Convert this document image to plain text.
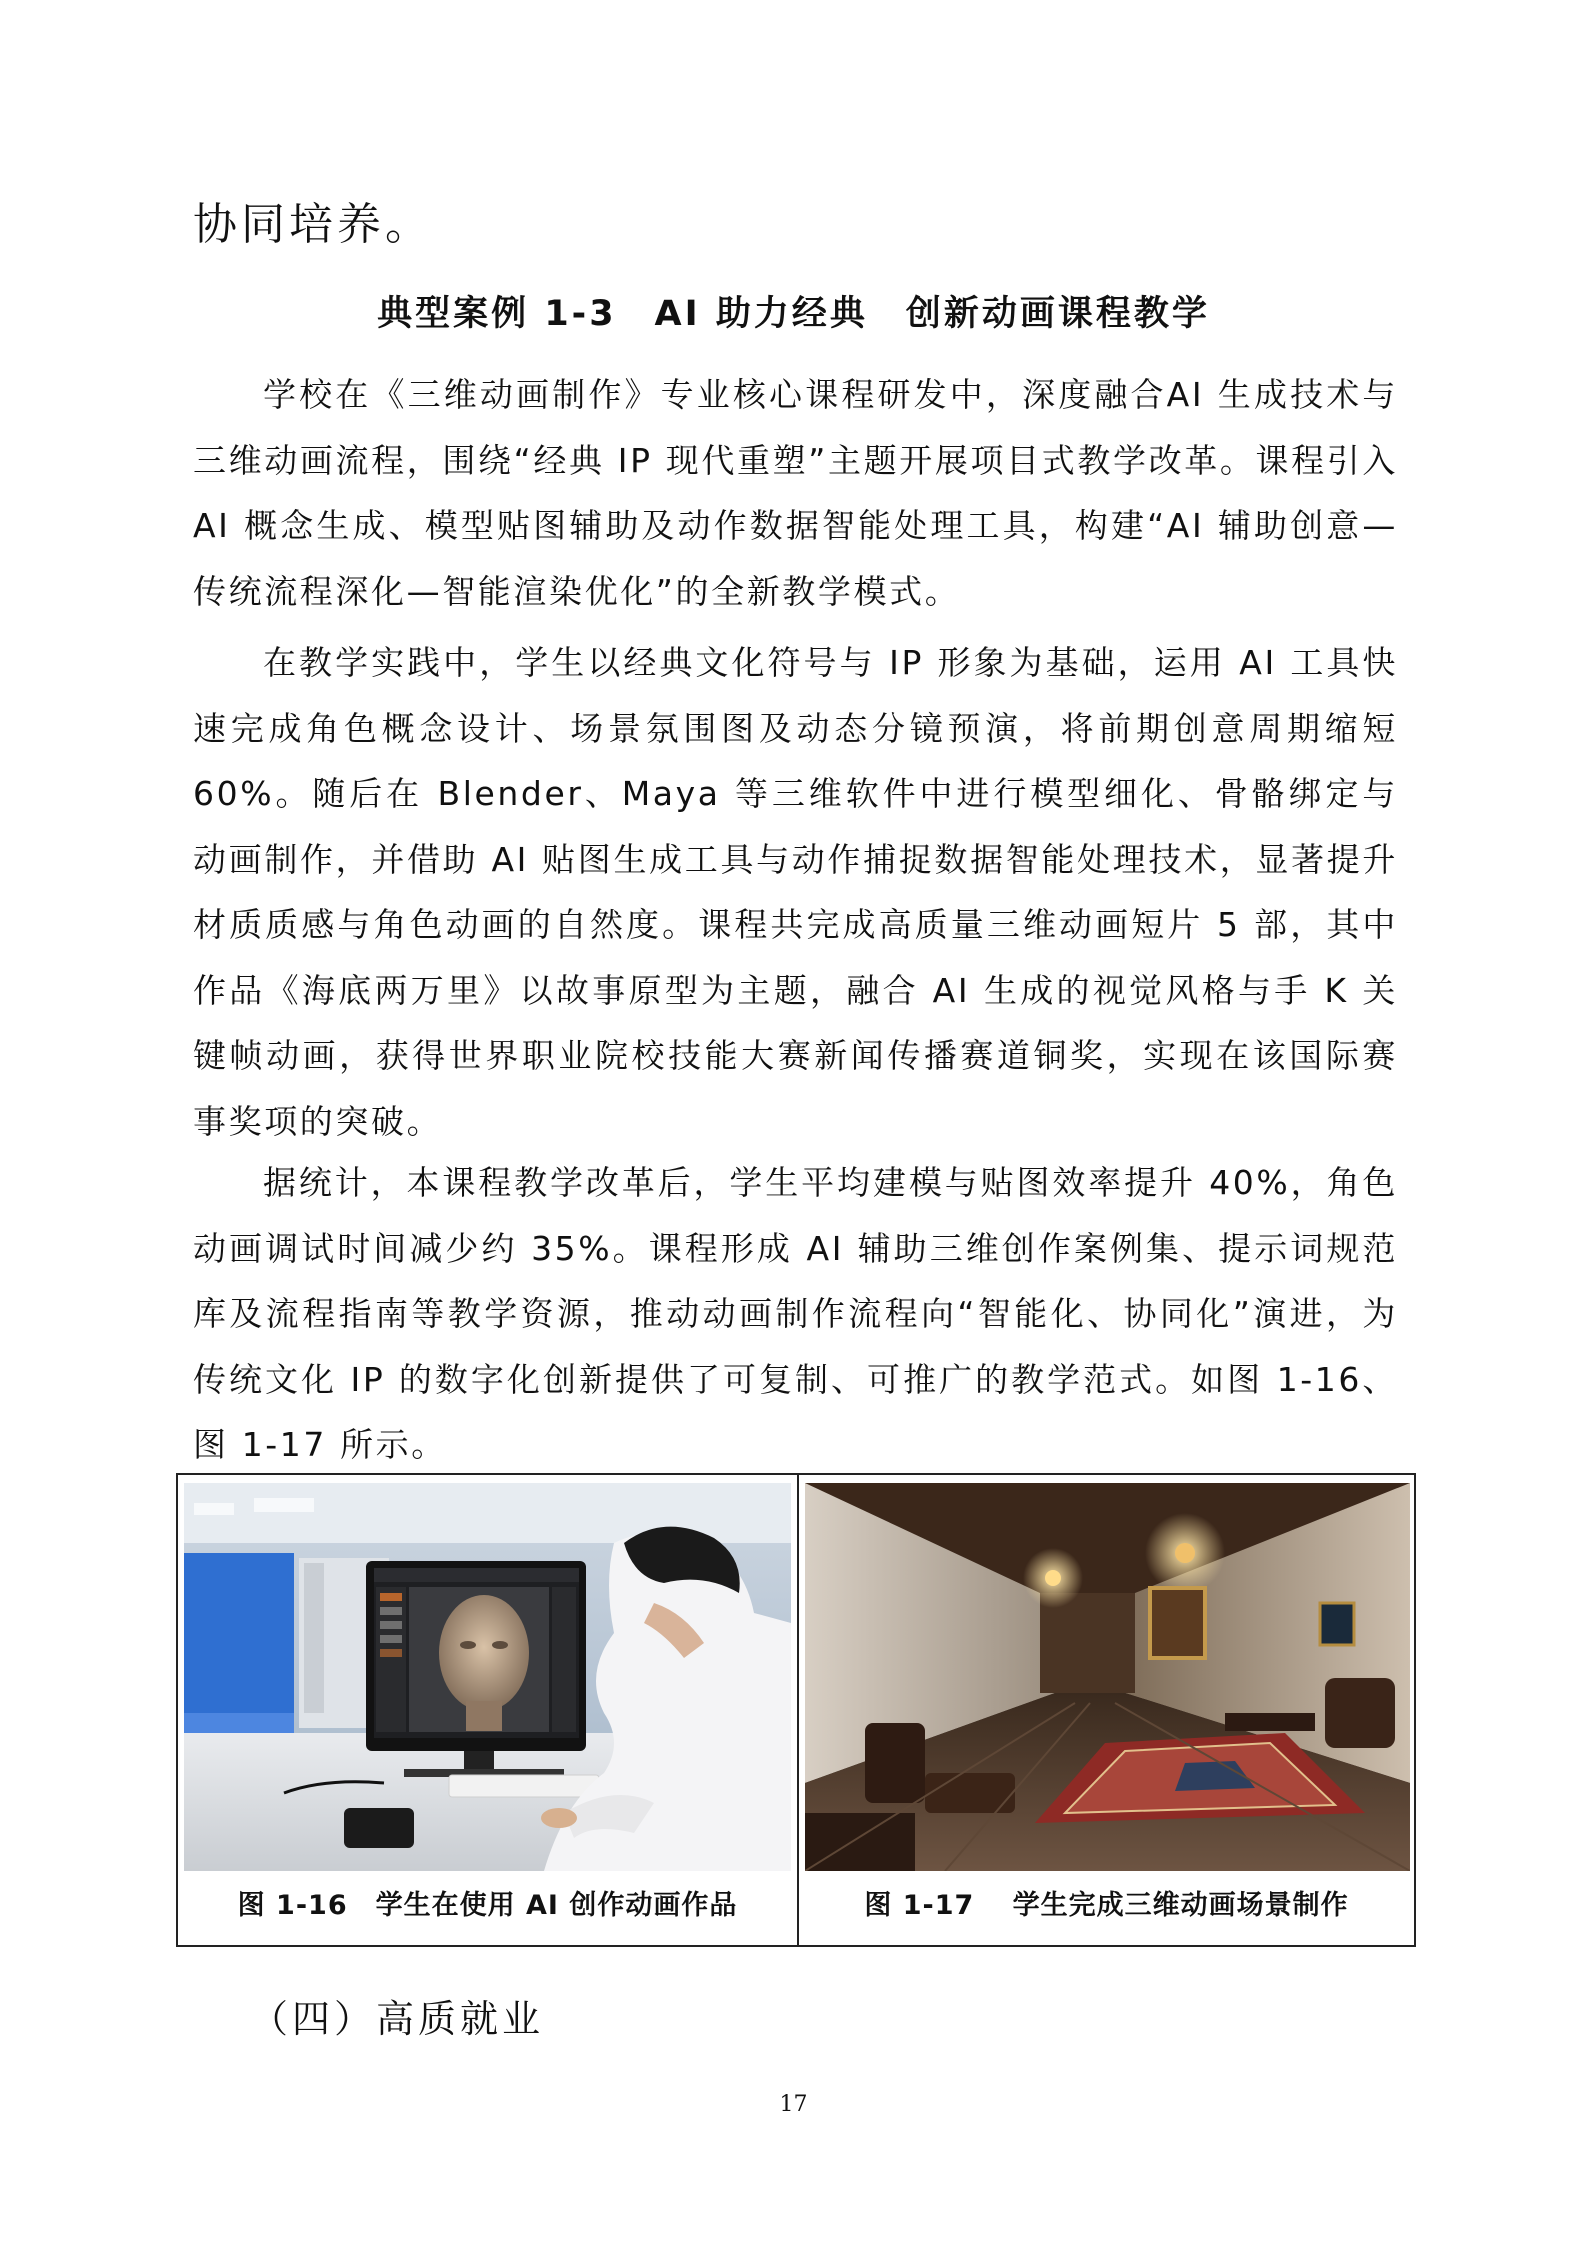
协同培养。
典型案例 1-3　AI 助力经典　创新动画课程教学

学校在《三维动画制作》专业核心课程研发中，深度融合AI 生成技术与三维动画流程，围绕“经典 IP 现代重塑”主题开展项目式教学改革。课程引入 AI 概念生成、模型贴图辅助及动作数据智能处理工具，构建“AI 辅助创意—传统流程深化—智能渲染优化”的全新教学模式。

在教学实践中，学生以经典文化符号与 IP 形象为基础，运用 AI 工具快速完成角色概念设计、场景氛围图及动态分镜预演，将前期创意周期缩短 60%。随后在 Blender、Maya 等三维软件中进行模型细化、骨骼绑定与动画制作，并借助 AI 贴图生成工具与动作捕捉数据智能处理技术，显著提升材质质感与角色动画的自然度。课程共完成高质量三维动画短片 5 部，其中作品《海底两万里》以故事原型为主题，融合 AI 生成的视觉风格与手 K 关键帧动画，获得世界职业院校技能大赛新闻传播赛道铜奖，实现在该国际赛事奖项的突破。

据统计，本课程教学改革后，学生平均建模与贴图效率提升 40%，角色动画调试时间减少约 35%。课程形成 AI 辅助三维创作案例集、提示词规范库及流程指南等教学资源，推动动画制作流程向“智能化、协同化”演进，为传统文化 IP 的数字化创新提供了可复制、可推广的教学范式。如图 1-16、图 1-17 所示。

图 1-16　学生在使用 AI 创作动画作品	图 1-17　 学生完成三维动画场景制作
（四）高质就业
17
